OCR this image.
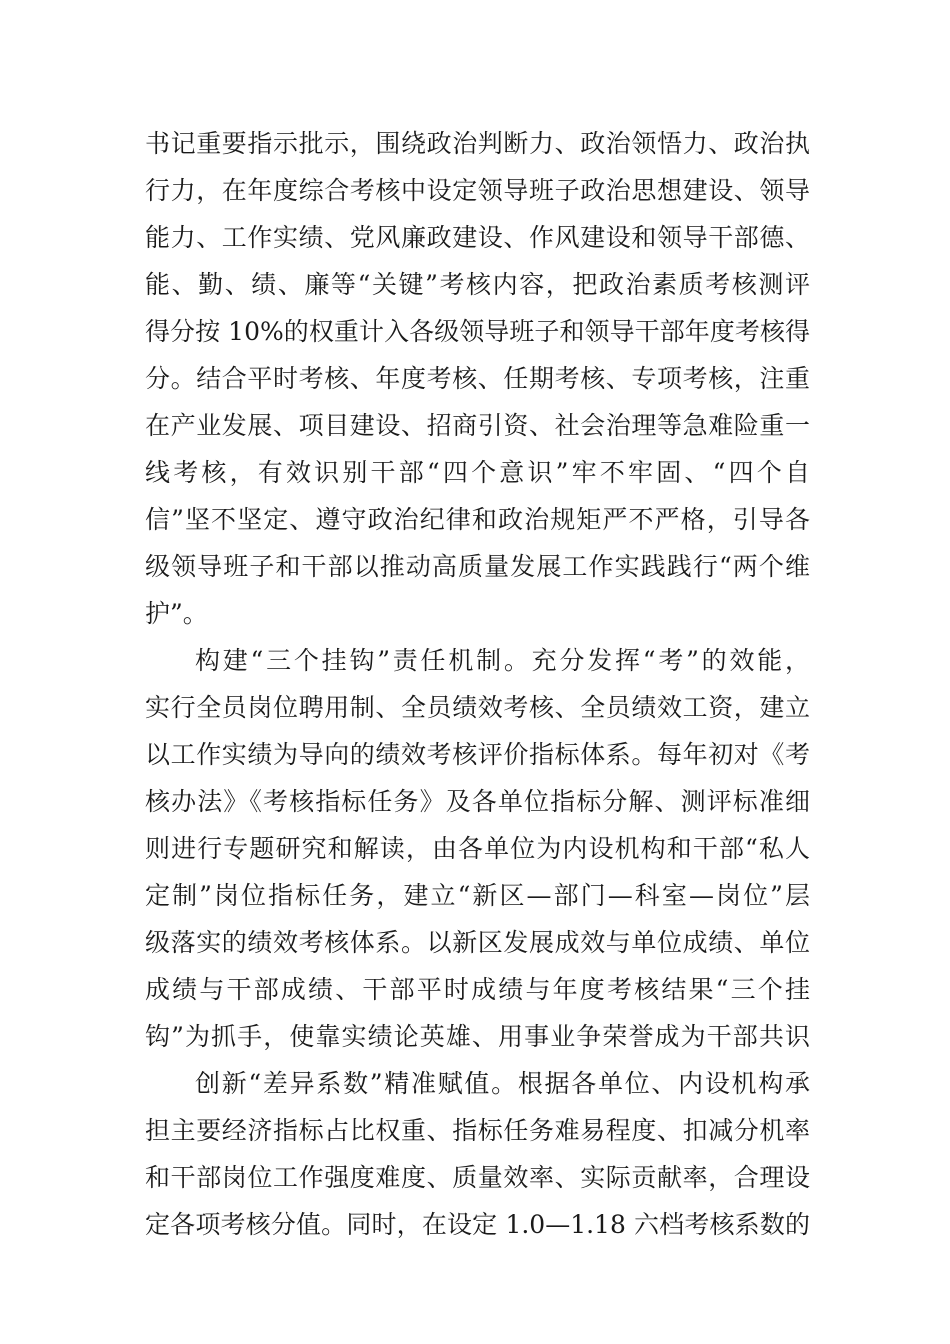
书记重要指示批示，围绕政治判断力、政治领悟力、政治执
行力，在年度综合考核中设定领导班子政治思想建设、领导
能力、工作实绩、党风廉政建设、作风建设和领导干部德、
能、勤、绩、廉等“关键”考核内容，把政治素质考核测评
得分按 10%的权重计入各级领导班子和领导干部年度考核得
分。结合平时考核、年度考核、任期考核、专项考核，注重
在产业发展、项目建设、招商引资、社会治理等急难险重一
线考核，有效识别干部“四个意识”牢不牢固、“四个自
信”坚不坚定、遵守政治纪律和政治规矩严不严格，引导各
级领导班子和干部以推动高质量发展工作实践践行“两个维
护”。
构建“三个挂钩”责任机制。充分发挥“考”的效能，
实行全员岗位聘用制、全员绩效考核、全员绩效工资，建立
以工作实绩为导向的绩效考核评价指标体系。每年初对《考
核办法》《考核指标任务》及各单位指标分解、测评标准细
则进行专题研究和解读，由各单位为内设机构和干部“私人
定制”岗位指标任务，建立“新区—部门—科室—岗位”层
级落实的绩效考核体系。以新区发展成效与单位成绩、单位
成绩与干部成绩、干部平时成绩与年度考核结果“三个挂
钩”为抓手，使靠实绩论英雄、用事业争荣誉成为干部共识
创新“差异系数”精准赋值。根据各单位、内设机构承
担主要经济指标占比权重、指标任务难易程度、扣减分机率
和干部岗位工作强度难度、质量效率、实际贡献率，合理设
定各项考核分值。同时，在设定 1.0—1.18 六档考核系数的
